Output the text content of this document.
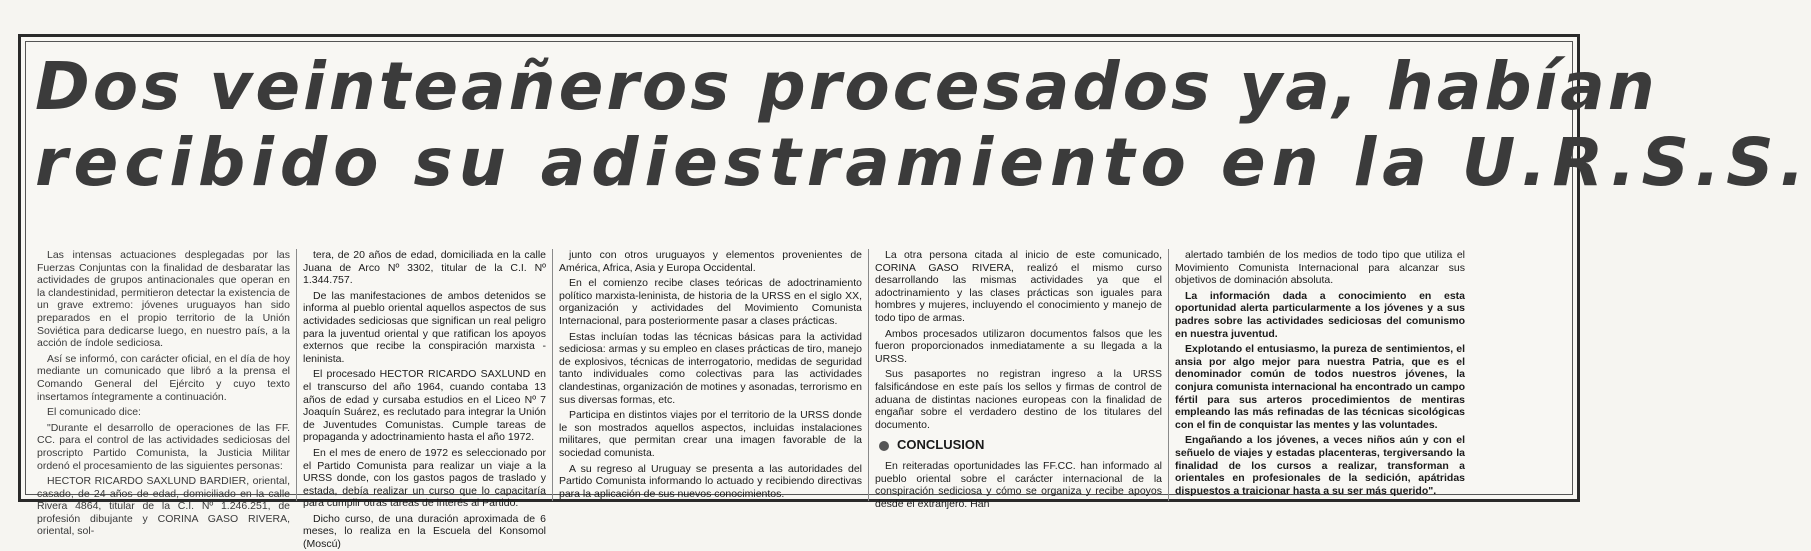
Dos veinteañeros procesados ya, habían
recibido su adiestramiento en la U.R.S.S.

Las intensas actuaciones desplegadas por las Fuerzas Conjuntas con la finalidad de desbaratar las actividades de grupos antinacionales que operan en la clandestinidad, permitieron detectar la existencia de un grave extremo: jóvenes uruguayos han sido preparados en el propio territorio de la Unión Soviética para dedicarse luego, en nuestro país, a la acción de índole sediciosa.

Así se informó, con carácter oficial, en el día de hoy mediante un comunicado que libró a la prensa el Comando General del Ejército y cuyo texto insertamos íntegramente a continuación.

El comunicado dice:

"Durante el desarrollo de operaciones de las FF. CC. para el control de las actividades sediciosas del proscripto Partido Comunista, la Justicia Militar ordenó el procesamiento de las siguientes personas:

HECTOR RICARDO SAXLUND BARDIER, oriental, casado, de 24 años de edad, domiciliado en la calle Rivera 4864, titular de la C.I. Nº 1.246.251, de profesión dibujante y CORINA GASO RIVERA, oriental, sol-

tera, de 20 años de edad, domiciliada en la calle Juana de Arco Nº 3302, titular de la C.I. Nº 1.344.757.

De las manifestaciones de ambos detenidos se informa al pueblo oriental aquellos aspectos de sus actividades sediciosas que significan un real peligro para la juventud oriental y que ratifican los apoyos externos que recibe la conspiración marxista - leninista.

El procesado HECTOR RICARDO SAXLUND en el transcurso del año 1964, cuando contaba 13 años de edad y cursaba estudios en el Liceo Nº 7 Joaquín Suárez, es reclutado para integrar la Unión de Juventudes Comunistas. Cumple tareas de propaganda y adoctrinamiento hasta el año 1972.

En el mes de enero de 1972 es seleccionado por el Partido Comunista para realizar un viaje a la URSS donde, con los gastos pagos de traslado y estada, debía realizar un curso que lo capacitaría para cumplir otras tareas de interés al Partido.

Dicho curso, de una duración aproximada de 6 meses, lo realiza en la Escuela del Konsomol (Moscú)

junto con otros uruguayos y elementos provenientes de América, Africa, Asia y Europa Occidental.

En el comienzo recibe clases teóricas de adoctrinamiento político marxista-leninista, de historia de la URSS en el siglo XX, organización y actividades del Movimiento Comunista Internacional, para posteriormente pasar a clases prácticas.

Estas incluían todas las técnicas básicas para la actividad sediciosa: armas y su empleo en clases prácticas de tiro, manejo de explosivos, técnicas de interrogatorio, medidas de seguridad tanto individuales como colectivas para las actividades clandestinas, organización de motines y asonadas, terrorismo en sus diversas formas, etc.

Participa en distintos viajes por el territorio de la URSS donde le son mostrados aquellos aspectos, incluidas instalaciones militares, que permitan crear una imagen favorable de la sociedad comunista.

A su regreso al Uruguay se presenta a las autoridades del Partido Comunista informando lo actuado y recibiendo directivas para la aplicación de sus nuevos conocimientos.

La otra persona citada al inicio de este comunicado, CORINA GASO RIVERA, realizó el mismo curso desarrollando las mismas actividades ya que el adoctrinamiento y las clases prácticas son iguales para hombres y mujeres, incluyendo el conocimiento y manejo de todo tipo de armas.

Ambos procesados utilizaron documentos falsos que les fueron proporcionados inmediatamente a su llegada a la URSS.

Sus pasaportes no registran ingreso a la URSS falsificándose en este país los sellos y firmas de control de aduana de distintas naciones europeas con la finalidad de engañar sobre el verdadero destino de los titulares del documento.

CONCLUSION

En reiteradas oportunidades las FF.CC. han informado al pueblo oriental sobre el carácter internacional de la conspiración sediciosa y cómo se organiza y recibe apoyos desde el extranjero. Han

alertado también de los medios de todo tipo que utiliza el Movimiento Comunista Internacional para alcanzar sus objetivos de dominación absoluta.

La información dada a conocimiento en esta oportunidad alerta particularmente a los jóvenes y a sus padres sobre las actividades sediciosas del comunismo en nuestra juventud.

Explotando el entusiasmo, la pureza de sentimientos, el ansia por algo mejor para nuestra Patria, que es el denominador común de todos nuestros jóvenes, la conjura comunista internacional ha encontrado un campo fértil para sus arteros procedimientos de mentiras empleando las más refinadas de las técnicas sicológicas con el fin de conquistar las mentes y las voluntades.

Engañando a los jóvenes, a veces niños aún y con el señuelo de viajes y estadas placenteras, tergiversando la finalidad de los cursos a realizar, transforman a orientales en profesionales de la sedición, apátridas dispuestos a traicionar hasta a su ser más querido".
